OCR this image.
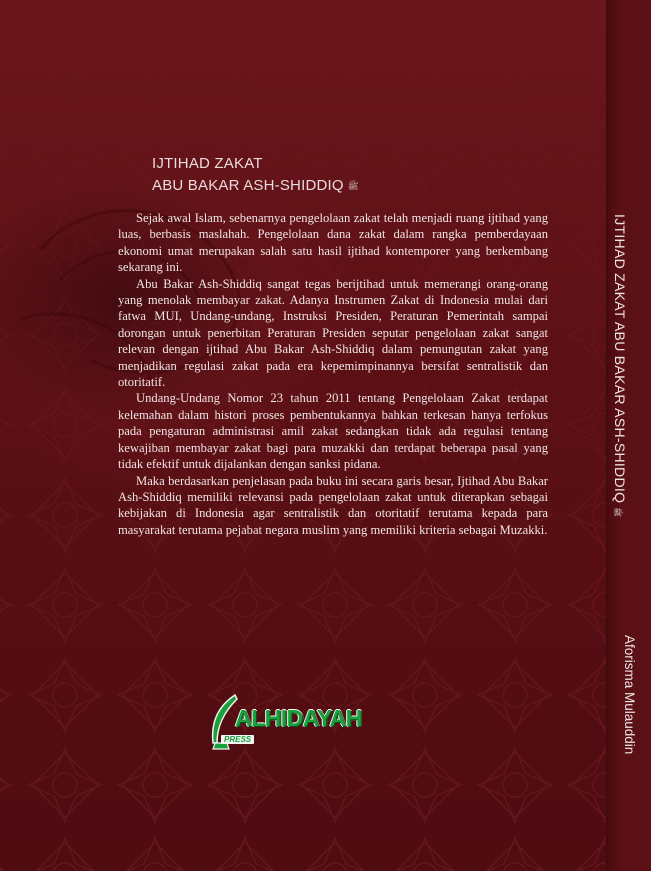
IJTIHAD ZAKAT
ABU BAKAR ASH-SHIDDIQ ﷺ

Sejak awal Islam, sebenarnya pengelolaan zakat telah menjadi ruang ijtihad yang luas, berbasis maslahah. Pengelolaan dana zakat dalam rangka pemberdayaan ekonomi umat merupakan salah satu hasil ijtihad kontemporer yang berkembang sekarang ini.

Abu Bakar Ash-Shiddiq sangat tegas berijtihad untuk memerangi orang-orang yang menolak membayar zakat. Adanya Instrumen Zakat di Indonesia mulai dari fatwa MUI, Undang-undang, Instruksi Presiden, Peraturan Pemerintah sampai dorongan untuk penerbitan Peraturan Presiden seputar pengelolaan zakat sangat relevan dengan ijtihad Abu Bakar Ash-Shiddiq dalam pemungutan zakat yang menjadikan regulasi zakat pada era kepemimpinannya bersifat sentralistik dan otoritatif.

Undang-Undang Nomor 23 tahun 2011 tentang Pengelolaan Zakat terdapat kelemahan dalam histori proses pembentukannya bahkan terkesan hanya terfokus pada pengaturan administrasi amil zakat sedangkan tidak ada regulasi tentang kewajiban membayar zakat bagi para muzakki dan terdapat beberapa pasal yang tidak efektif untuk dijalankan dengan sanksi pidana.

Maka berdasarkan penjelasan pada buku ini secara garis besar, Ijtihad Abu Bakar Ash-Shiddiq memiliki relevansi pada pengelolaan zakat untuk diterapkan sebagai kebijakan di Indonesia agar sentralistik dan otoritatif terutama kepada para masyarakat terutama pejabat negara muslim yang memiliki kriteria sebagai Muzakki.

IJTIHAD ZAKAT ABU BAKAR ASH-SHIDDIQﷺ
Aforisma Mulauddin
ALHIDAYAH
PRESS
